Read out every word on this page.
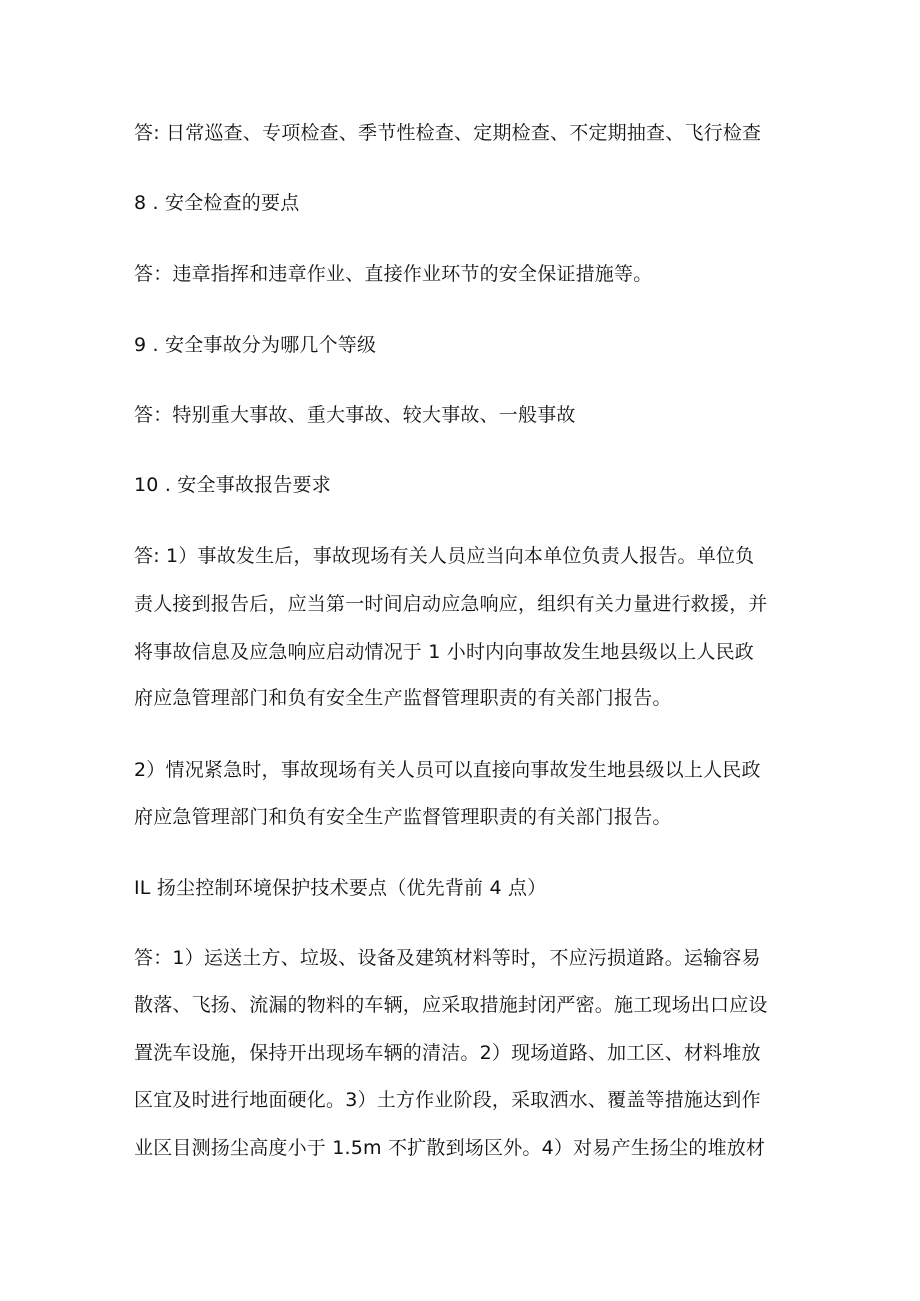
答: 日常巡查、专项检查、季节性检查、定期检查、不定期抽查、飞行检查
8 . 安全检查的要点
答：违章指挥和违章作业、直接作业环节的安全保证措施等。
9 . 安全事故分为哪几个等级
答：特别重大事故、重大事故、较大事故、一般事故
10 . 安全事故报告要求
答: 1）事故发生后，事故现场有关人员应当向本单位负责人报告。单位负
责人接到报告后，应当第一时间启动应急响应，组织有关力量进行救援，并
将事故信息及应急响应启动情况于 1 小时内向事故发生地县级以上人民政
府应急管理部门和负有安全生产监督管理职责的有关部门报告。
2）情况紧急时，事故现场有关人员可以直接向事故发生地县级以上人民政
府应急管理部门和负有安全生产监督管理职责的有关部门报告。
IL 扬尘控制环境保护技术要点（优先背前 4 点）
答：1）运送土方、垃圾、设备及建筑材料等时，不应污损道路。运输容易
散落、飞扬、流漏的物料的车辆，应采取措施封闭严密。施工现场出口应设
置洗车设施，保持开出现场车辆的清洁。2）现场道路、加工区、材料堆放
区宜及时进行地面硬化。3）土方作业阶段，采取洒水、覆盖等措施达到作
业区目测扬尘高度小于 1.5m 不扩散到场区外。4）对易产生扬尘的堆放材
